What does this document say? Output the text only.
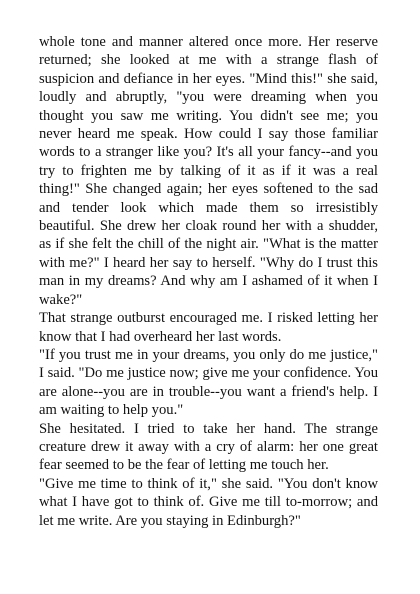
whole tone and manner altered once more. Her reserve returned; she looked at me with a strange flash of suspicion and defiance in her eyes. "Mind this!" she said, loudly and abruptly, "you were dreaming when you thought you saw me writing. You didn't see me; you never heard me speak. How could I say those familiar words to a stranger like you? It's all your fancy--and you try to frighten me by talking of it as if it was a real thing!" She changed again; her eyes softened to the sad and tender look which made them so irresistibly beautiful. She drew her cloak round her with a shudder, as if she felt the chill of the night air. "What is the matter with me?" I heard her say to herself. "Why do I trust this man in my dreams? And why am I ashamed of it when I wake?"

That strange outburst encouraged me. I risked letting her know that I had overheard her last words.

"If you trust me in your dreams, you only do me justice," I said. "Do me justice now; give me your confidence. You are alone--you are in trouble--you want a friend's help. I am waiting to help you."

She hesitated. I tried to take her hand. The strange creature drew it away with a cry of alarm: her one great fear seemed to be the fear of letting me touch her.

"Give me time to think of it," she said. "You don't know what I have got to think of. Give me till to-morrow; and let me write. Are you staying in Edinburgh?"
